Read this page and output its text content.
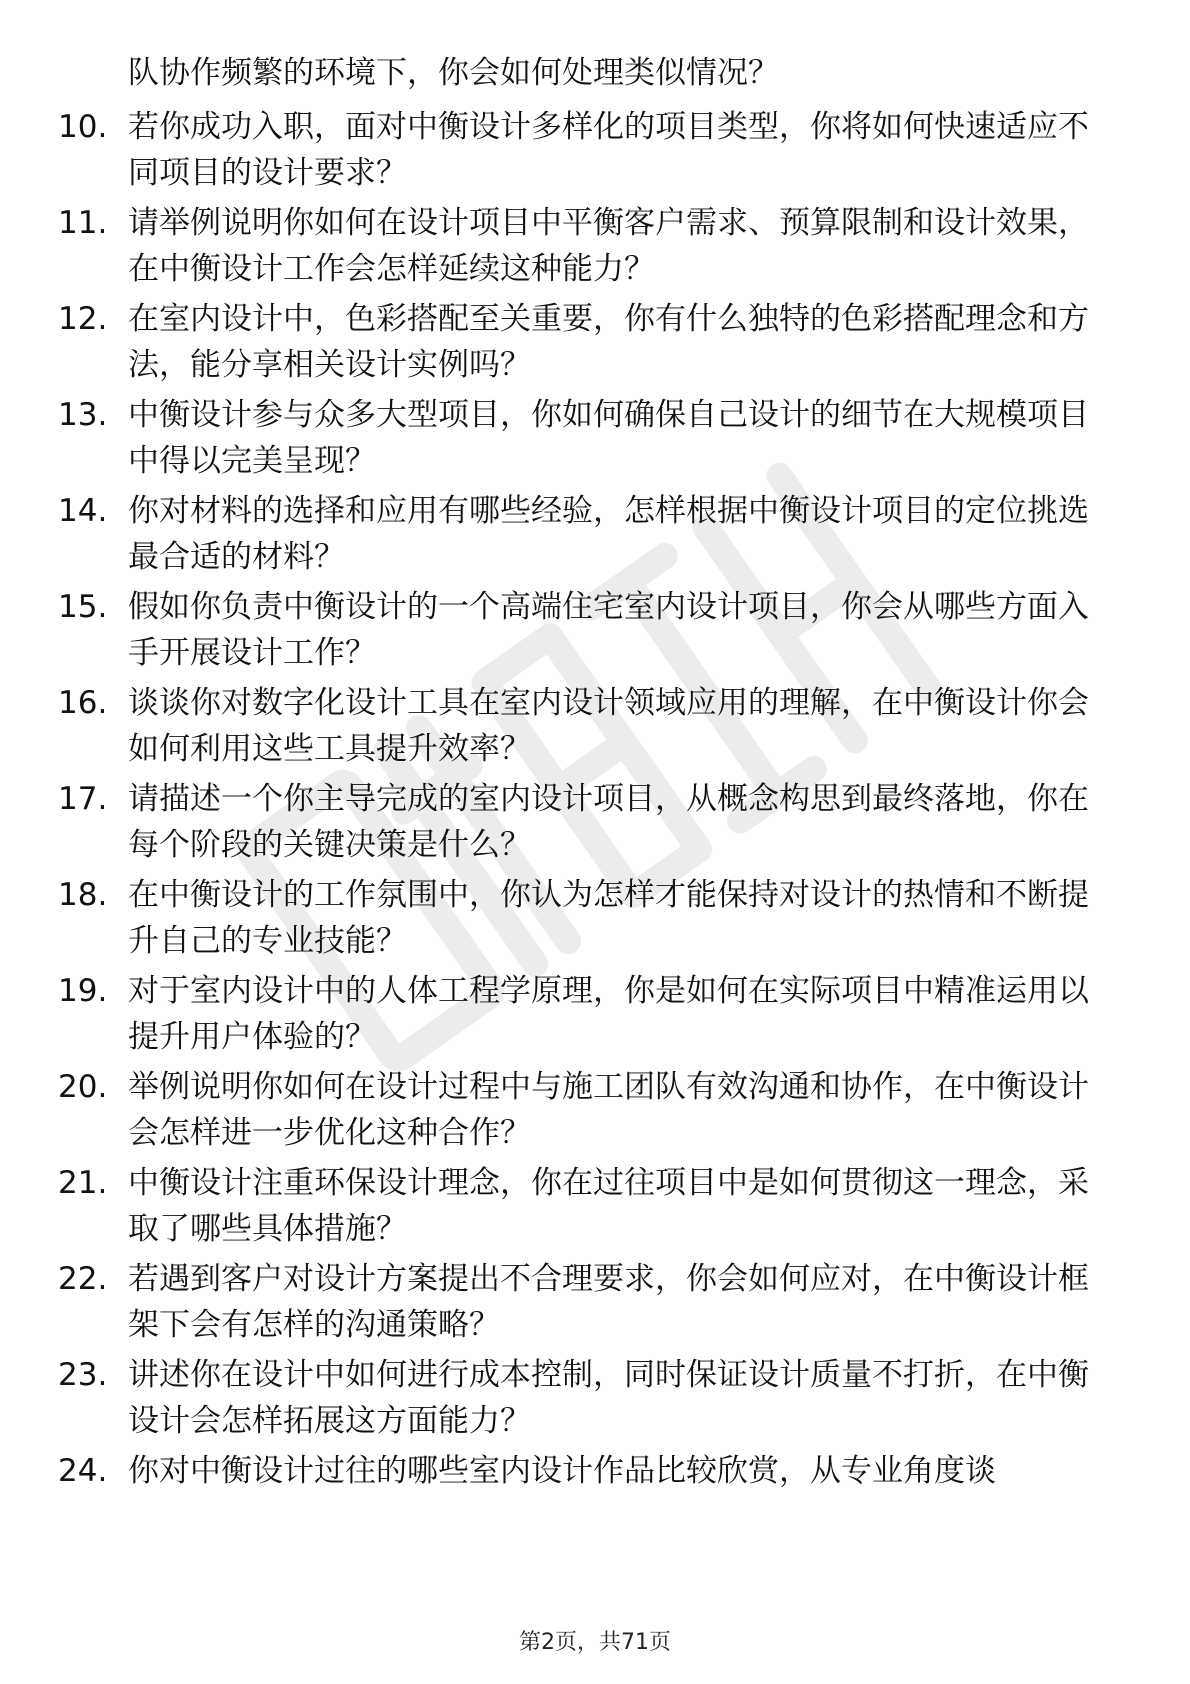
队协作频繁的环境下，你会如何处理类似情况？
10. 若你成功入职，面对中衡设计多样化的项目类型，你将如何快速适应不同项目的设计要求？
11. 请举例说明你如何在设计项目中平衡客户需求、预算限制和设计效果，在中衡设计工作会怎样延续这种能力？
12. 在室内设计中，色彩搭配至关重要，你有什么独特的色彩搭配理念和方法，能分享相关设计实例吗？
13. 中衡设计参与众多大型项目，你如何确保自己设计的细节在大规模项目中得以完美呈现？
14. 你对材料的选择和应用有哪些经验，怎样根据中衡设计项目的定位挑选最合适的材料？
15. 假如你负责中衡设计的一个高端住宅室内设计项目，你会从哪些方面入手开展设计工作？
16. 谈谈你对数字化设计工具在室内设计领域应用的理解，在中衡设计你会如何利用这些工具提升效率？
17. 请描述一个你主导完成的室内设计项目，从概念构思到最终落地，你在每个阶段的关键决策是什么？
18. 在中衡设计的工作氛围中，你认为怎样才能保持对设计的热情和不断提升自己的专业技能？
19. 对于室内设计中的人体工程学原理，你是如何在实际项目中精准运用以提升用户体验的？
20. 举例说明你如何在设计过程中与施工团队有效沟通和协作，在中衡设计会怎样进一步优化这种合作？
21. 中衡设计注重环保设计理念，你在过往项目中是如何贯彻这一理念，采取了哪些具体措施？
22. 若遇到客户对设计方案提出不合理要求，你会如何应对，在中衡设计框架下会有怎样的沟通策略？
23. 讲述你在设计中如何进行成本控制，同时保证设计质量不打折，在中衡设计会怎样拓展这方面能力？
24. 你对中衡设计过往的哪些室内设计作品比较欣赏，从专业角度谈
第2页，共71页
